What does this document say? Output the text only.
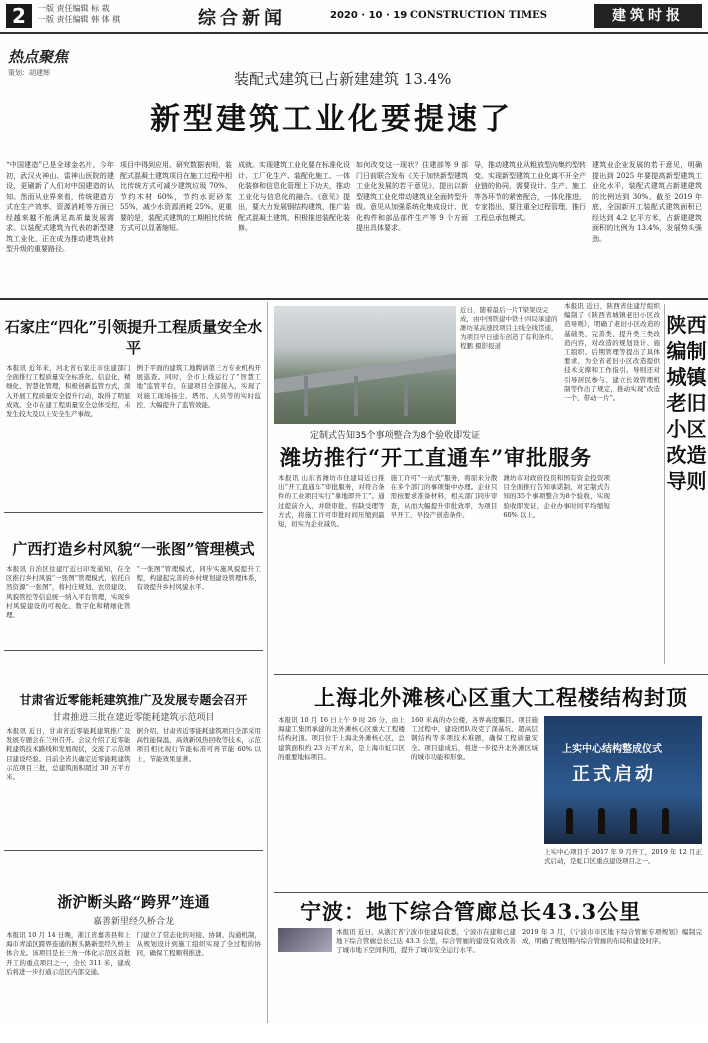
2	一版 责任编辑 标 栽
一版 责任编辑 韩 体 棋	综合新闻	2020 · 10 · 19 CONSTRUCTION TIMES	建筑时报
热点聚焦
策划：胡建辉	装配式建筑已占新建建筑 13.4%
新型建筑工业化要提速了
“中国建造”已是全球金名片。今年初，武汉火神山、雷神山医院的建设，更刷新了人们对中国建造的认知。然而从业界来看，传统建造方式在生产效率、资源消耗等方面已经越来越不能满足高质量发展需求。以装配式建筑为代表的新型建筑工业化，正在成为推动建筑业转型升级的重要路径。
项目中得到应用。研究数据表明，装配式混凝土建筑项目在施工过程中相比传统方式可减少建筑垃圾 70%，节约木材 60%，节约水泥砂浆 55%，减少水资源消耗 25%。更重要的是，装配式建筑的工期相比传统方式可以显著缩短。
成就。实现建筑工业化要在标准化设计、工厂化生产、装配化施工、一体化装修和信息化管理上下功夫，推动工业化与信息化的融合。《意见》提出，要大力发展钢结构建筑，推广装配式混凝土建筑，积极推进装配化装修。
如何改变这一现状？住建部等 9 部门日前联合发布《关于加快新型建筑工业化发展的若干意见》，提出以新型建筑工业化带动建筑业全面转型升级。意见从加强系统化集成设计、优化构件和部品部件生产等 9 个方面提出具体要求。
导，推动建筑业从粗放型向集约型转变。实现新型建筑工业化离不开全产业链的协同，需要设计、生产、施工等各环节的紧密配合，一体化推进。专家指出，要注重全过程管理，推行工程总承包模式。
建筑业企业发展的若干意见，明确提出到 2025 年要提高新型建筑工业化水平，装配式建筑占新建建筑的比例达到 30%。截至 2019 年底，全国新开工装配式建筑面积已经达到 4.2 亿平方米，占新建建筑面积的比例为 13.4%，发展势头强劲。
石家庄“四化”引领提升工程质量安全水平
本报讯 近年来，河北省石家庄市住建部门全面推行工程质量安全标准化、信息化、精细化、智慧化管理，积极创新监管方式，深入开展工程质量安全提升行动，取得了明显成效。全市在建工程质量安全总体受控，未发生较大及以上安全生产事故。
例于平面的建筑工地聘请第三方专业机构开展巡查。同时，全市上线运行了“智慧工地”监管平台，在建项目全部接入，实现了对施工现场扬尘、塔吊、人员等的实时监控，大幅提升了监管效能。
广西打造乡村风貌“一张图”管理模式
本报讯 自治区住建厅近日印发通知，在全区推行乡村风貌“一张图”管理模式，依托自然资源“一张图”，将村庄规划、农房建设、风貌管控等信息统一纳入平台管理，实现乡村风貌建设的可视化、数字化和精细化管理。
“一张图”管理模式，同步实施风貌提升工程，构建起完善的乡村规划建设管理体系，有效提升乡村风貌水平。
甘肃省近零能耗建筑推广及发展专题会召开
甘肃推进三批在建近零能耗建筑示范项目
本报讯 近日，甘肃省近零能耗建筑推广及发展专题会在兰州召开。会议介绍了近零能耗建筑技术路线和发展现状，交流了示范项目建设经验。目前全省共确定近零能耗建筑示范项目三批，总建筑面积超过 30 万平方米。
据介绍，甘肃省近零能耗建筑项目全部采用高性能保温、高效新风热回收等技术，示范项目相比现行节能标准可再节能 60% 以上，节能效果显著。
浙沪断头路“跨界”连通
嘉善新里经久桥合龙
本报讯 10 月 14 日晚，浙江省嘉善县和上海市青浦区跨界连通的断头路新里经久桥主体合龙。该项目是长三角一体化示范区首批开工的重点项目之一，全长 311 米，建成后将进一步打通示范区内部交通。
门建立了常态化的对接、协调、沟通机制，从规划设计到施工组织实现了全过程的协同，确保工程顺利推进。
近日，随着最后一片T梁架设完成，由中国铁建中铁十四局承建的潍坊某高速段项目主线全线贯通，为项目早日通车创造了有利条件。 程鹏 摄影报道
本报讯 近日，陕西省住建厅组织编制了《陕西省城镇老旧小区改造导则》，明确了老旧小区改造的基础类、完善类、提升类三类改造内容，对改造的规划设计、施工组织、后期管理等提出了具体要求，为全省老旧小区改造提供技术支撑和工作指引。导则还对引导居民参与、建立长效管理机制等作出了规定，推动实现“改造一个、带动一片”。
陕西编制城镇老旧小区改造导则
定制式告知35个事项整合为8个验收即发证
潍坊推行“开工直通车”审批服务
本报讯 山东省潍坊市住建局近日推出“开工直通车”审批服务，对符合条件的工业项目实行“拿地即开工”。通过提前介入、并联审批、容缺受理等方式，将施工许可审批时间压缩到最短，切实为企业减负。
施工许可“一站式”服务，将原来分散在多个部门的事项集中办理。企业只需按要求准备材料，相关部门同步审查，从而大幅提升审批效率，为项目早开工、早投产创造条件。
潍坊市对政府投资和国有资金投资项目全面推行告知承诺制，对定制式告知的35个事项整合为8个验收，实现验收即发证，企业办事时间平均缩短 60% 以上。
上海北外滩核心区重大工程楼结构封顶
本报讯 10 月 16 日上午 9 时 26 分，由上海建工集团承建的北外滩核心区重大工程楼结构封顶。项目位于上海北外滩核心区，总建筑面积约 23 万平方米，是上海市虹口区的重要地标项目。
160 米高的办公楼，各界高度瞩目。项目施工过程中，建设团队攻克了深基坑、超高层钢结构等多项技术难题，确保工程质量安全。项目建成后，将进一步提升北外滩区域的城市功能和形象。
上实中心结构整成仪式
正式启动
上实中心项目于 2017 年 9 月开工，2019 年 12 月正式启动，是虹口区重点建设项目之一。
宁波：地下综合管廊总长43.3公里
本报讯 近日，从浙江省宁波市住建局获悉，宁波市在建和已建地下综合管廊总长已达 43.3 公里，综合管廊的建设有效改善了城市地下空间利用，提升了城市安全运行水平。
2019 年 3 月，《宁波市市区地下综合管廊专项规划》编制完成，明确了规划期内综合管廊的布局和建设时序。
